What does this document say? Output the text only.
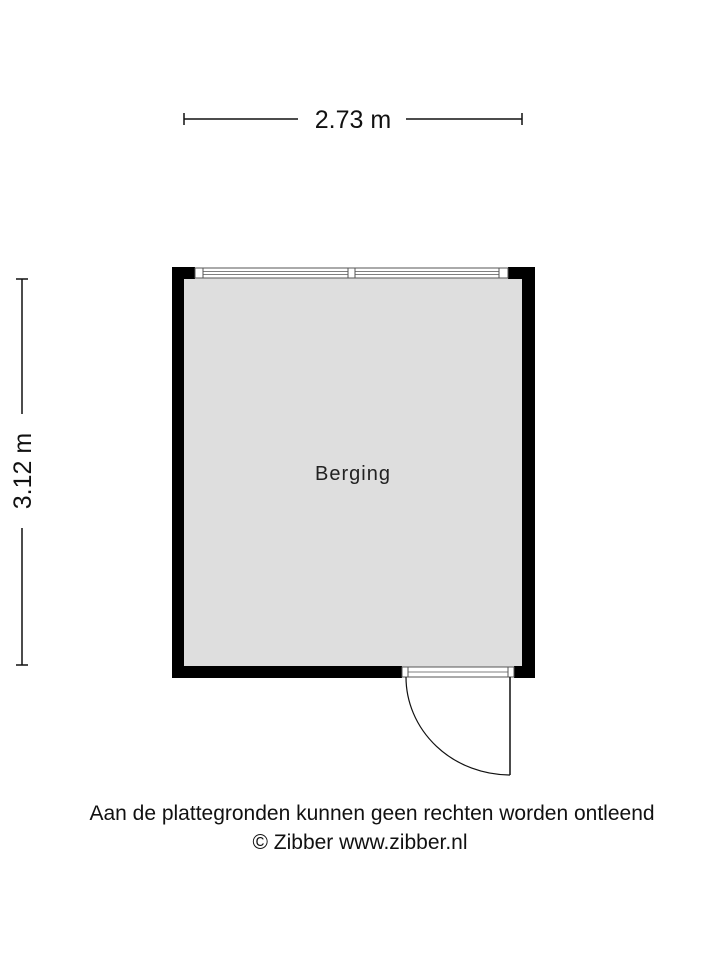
2.73 m
3.12 m	Berging
Aan de plattegronden kunnen geen rechten worden ontleend
© Zibber www.zibber.nl
